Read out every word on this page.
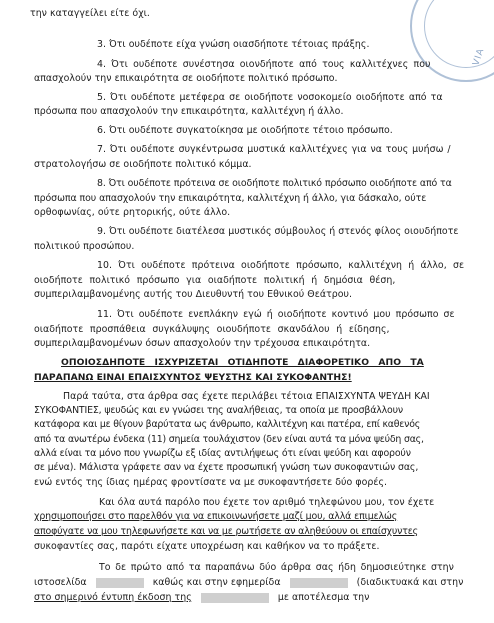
VIA
την καταγγείλει είτε όχι.
3. Ότι ουδέποτε είχα γνώση οιασδήποτε τέτοιας πράξης.
4. Ότι ουδέποτε συνέστησα οιονδήποτε από τους καλλιτέχνες που
απασχολούν την επικαιρότητα σε οιοδήποτε πολιτικό πρόσωπο.
5. Ότι ουδέποτε μετέφερα σε οιοδήποτε νοσοκομείο οιοδήποτε από τα
πρόσωπα που απασχολούν την επικαιρότητα, καλλιτέχνη ή άλλο.
6. Ότι ουδέποτε συγκατοίκησα με οιοδήποτε τέτοιο πρόσωπο.
7. Ότι ουδέποτε συγκέντρωσα μυστικά καλλιτέχνες για να τους μυήσω /
στρατολογήσω σε οιοδήποτε πολιτικό κόμμα.
8. Ότι ουδέποτε πρότεινα σε οιοδήποτε πολιτικό πρόσωπο οιοδήποτε από τα
πρόσωπα που απασχολούν την επικαιρότητα, καλλιτέχνη ή άλλο, για δάσκαλο, ούτε
ορθοφωνίας, ούτε ρητορικής, ούτε άλλο.
9. Ότι ουδέποτε διατέλεσα μυστικός σύμβουλος ή στενός φίλος οιουδήποτε
πολιτικού προσώπου.
10. Ότι ουδέποτε πρότεινα οιοδήποτε πρόσωπο, καλλιτέχνη ή άλλο, σε
οιοδήποτε πολιτικό πρόσωπο για οιαδήποτε πολιτική ή δημόσια θέση,
συμπεριλαμβανομένης αυτής του Διευθυντή του Εθνικού Θεάτρου.
11. Ότι ουδέποτε ενεπλάκην εγώ ή οιοδήποτε κοντινό μου πρόσωπο σε
οιαδήποτε προσπάθεια συγκάλυψης οιουδήποτε σκανδάλου ή είδησης,
συμπεριλαμβανομένων όσων απασχολούν την τρέχουσα επικαιρότητα.
ΟΠΟΙΟΣΔΗΠΟΤΕ ΙΣΧΥΡΙΖΕΤΑΙ ΟΤΙΔΗΠΟΤΕ ΔΙΑΦΟΡΕΤΙΚΟ ΑΠΟ ΤΑ
ΠΑΡΑΠΑΝΩ ΕΙΝΑΙ ΕΠΑΙΣΧΥΝΤΟΣ ΨΕΥΣΤΗΣ ΚΑΙ ΣΥΚΟΦΑΝΤΗΣ!
Παρά ταύτα, στα άρθρα σας έχετε περιλάβει τέτοια ΕΠΑΙΣΧΥΝΤΑ ΨΕΥΔΗ ΚΑΙ
ΣΥΚΟΦΑΝΤΙΕΣ, ψευδώς και εν γνώσει της αναλήθειας, τα οποία με προσβάλλουν
κατάφορα και με θίγουν βαρύτατα ως άνθρωπο, καλλιτέχνη και πατέρα, επί καθενός
από τα ανωτέρω ένδεκα (11) σημεία τουλάχιστον (δεν είναι αυτά τα μόνα ψεύδη σας,
αλλά είναι τα μόνο που γνωρίζω εξ ιδίας αντιλήψεως ότι είναι ψεύδη και αφορούν
σε μένα). Μάλιστα γράφετε σαν να έχετε προσωπική γνώση των συκοφαντιών σας,
ενώ εντός της ίδιας ημέρας φροντίσατε να με συκοφαντήσετε δύο φορές.
Και όλα αυτά παρόλο που έχετε τον αριθμό τηλεφώνου μου, τον έχετε
χρησιμοποιήσει στο παρελθόν για να επικοινωνήσετε μαζί μου, αλλά επιμελώς
αποφύγατε να μου τηλεφωνήσετε και να με ρωτήσετε αν αληθεύουν οι επαίσχυντες
συκοφαντίες σας, παρότι είχατε υποχρέωση και καθήκον να το πράξετε.
Το δε πρώτο από τα παραπάνω δύο άρθρα σας ήδη δημοσιεύτηκε στην
ιστοσελίδα	καθώς και στην εφημερίδα	(διαδικτυακά και στην
στο σημερινό έντυπη έκδοση της	με αποτέλεσμα την
